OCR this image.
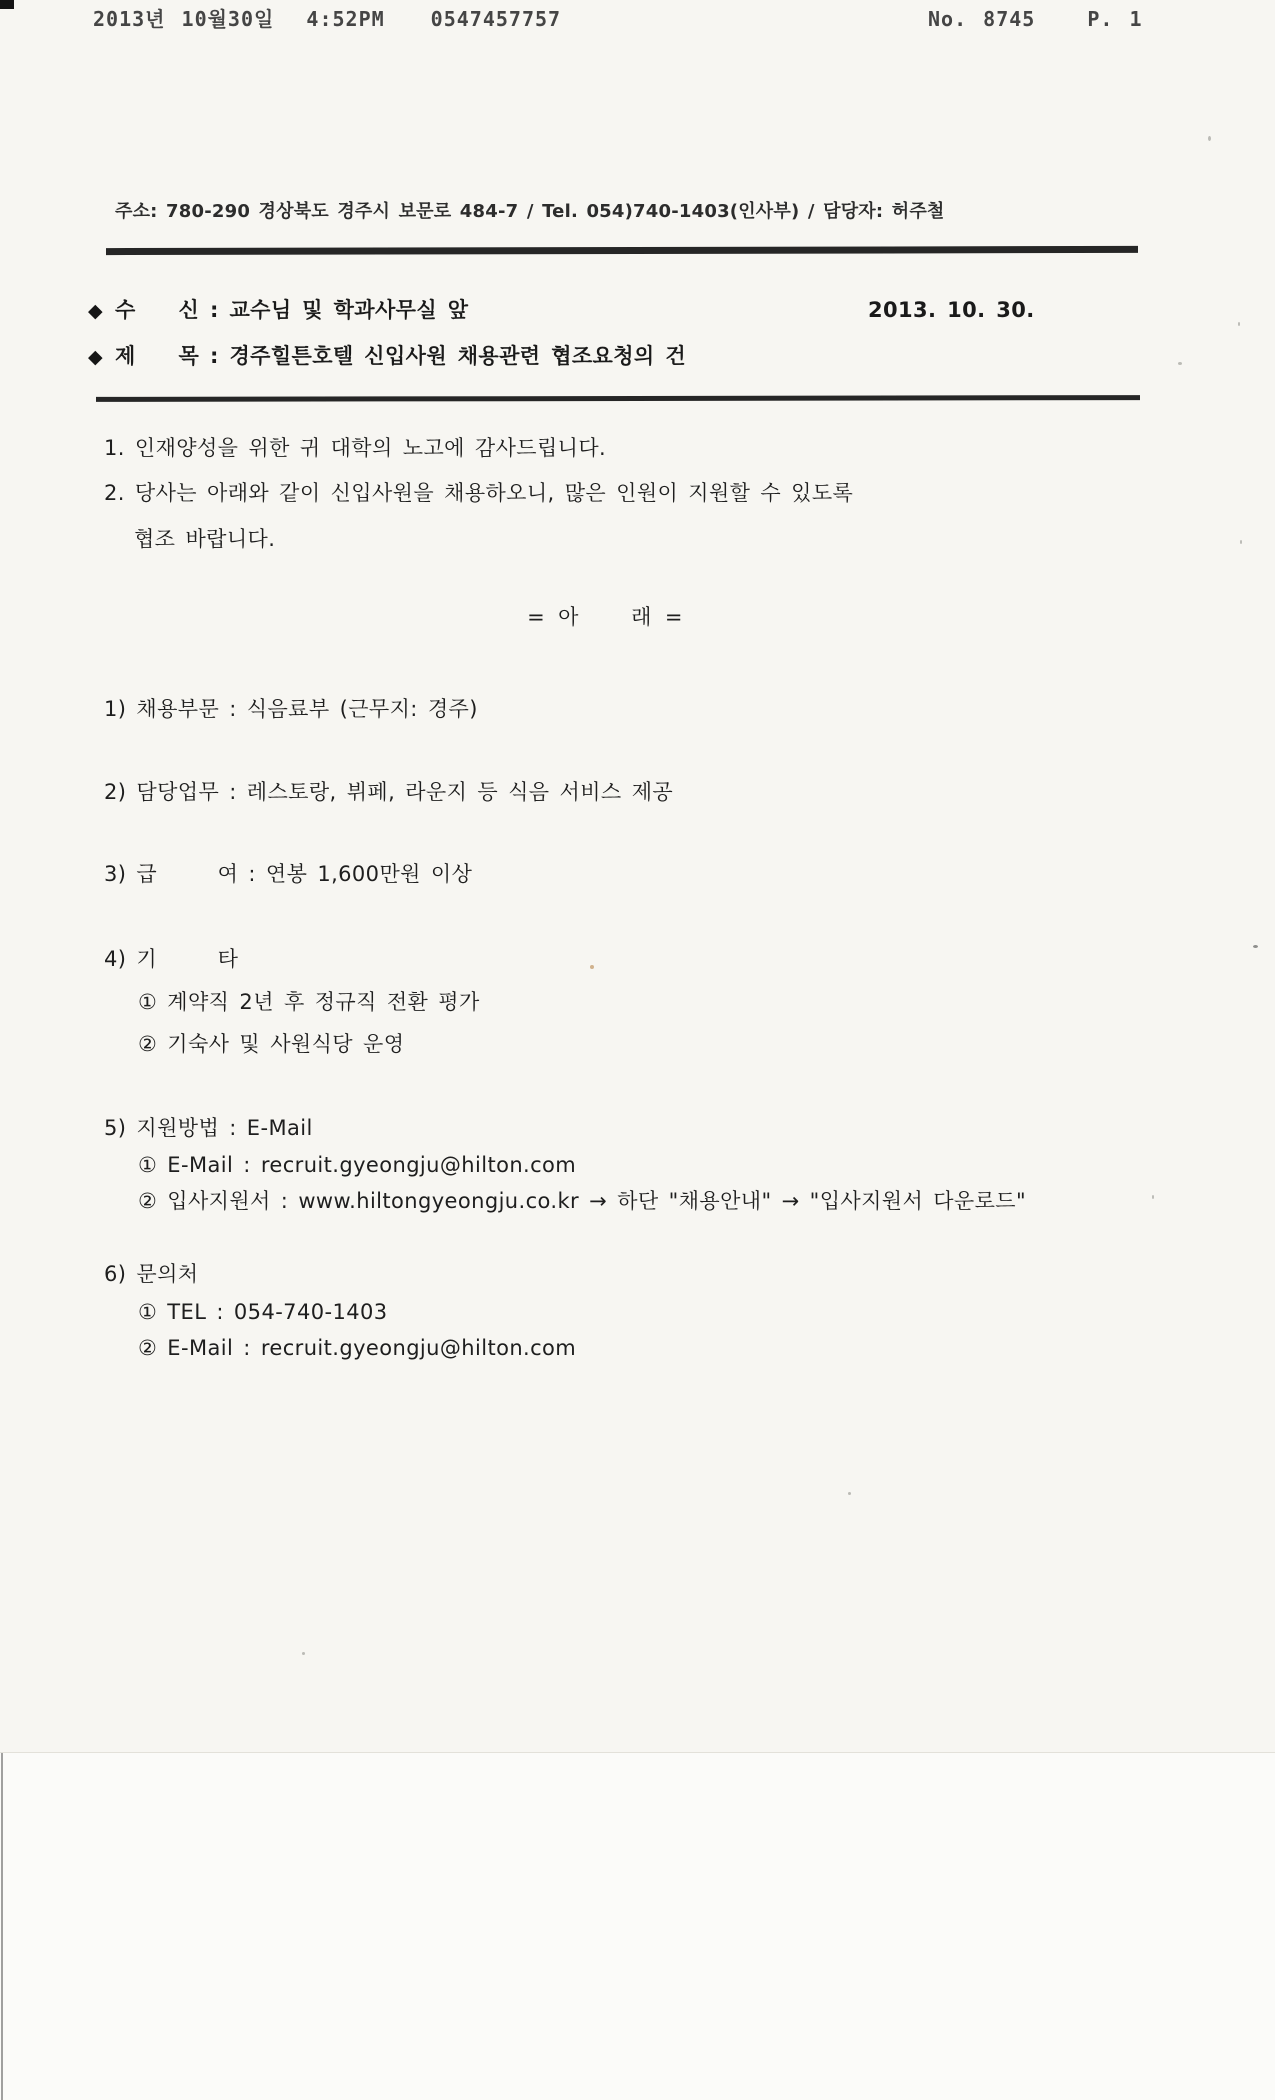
2013년 10월30일  4:52PM 0547457757	No. 8745	P. 1
주소: 780-290 경상북도 경주시 보문로 484-7 / Tel. 054)740-1403(인사부) / 담당자: 허주철
◆ 수    신 : 교수님 및 학과사무실 앞	2013. 10. 30.
◆ 제    목 : 경주힐튼호텔 신입사원 채용관련 협조요청의 건
1. 인재양성을 위한 귀 대학의 노고에 감사드립니다.
2. 당사는 아래와 같이 신입사원을 채용하오니, 많은 인원이 지원할 수 있도록
협조 바랍니다.
= 아    래 =
1) 채용부문 : 식음료부 (근무지: 경주)
2) 담당업무 : 레스토랑, 뷔페, 라운지 등 식음 서비스 제공
3) 급      여 : 연봉 1,600만원 이상
4) 기      타
① 계약직 2년 후 정규직 전환 평가
② 기숙사 및 사원식당 운영
5) 지원방법 : E-Mail
① E-Mail : recruit.gyeongju@hilton.com
② 입사지원서 : www.hiltongyeongju.co.kr → 하단 "채용안내" → "입사지원서 다운로드"
6) 문의처
① TEL : 054-740-1403
② E-Mail : recruit.gyeongju@hilton.com
